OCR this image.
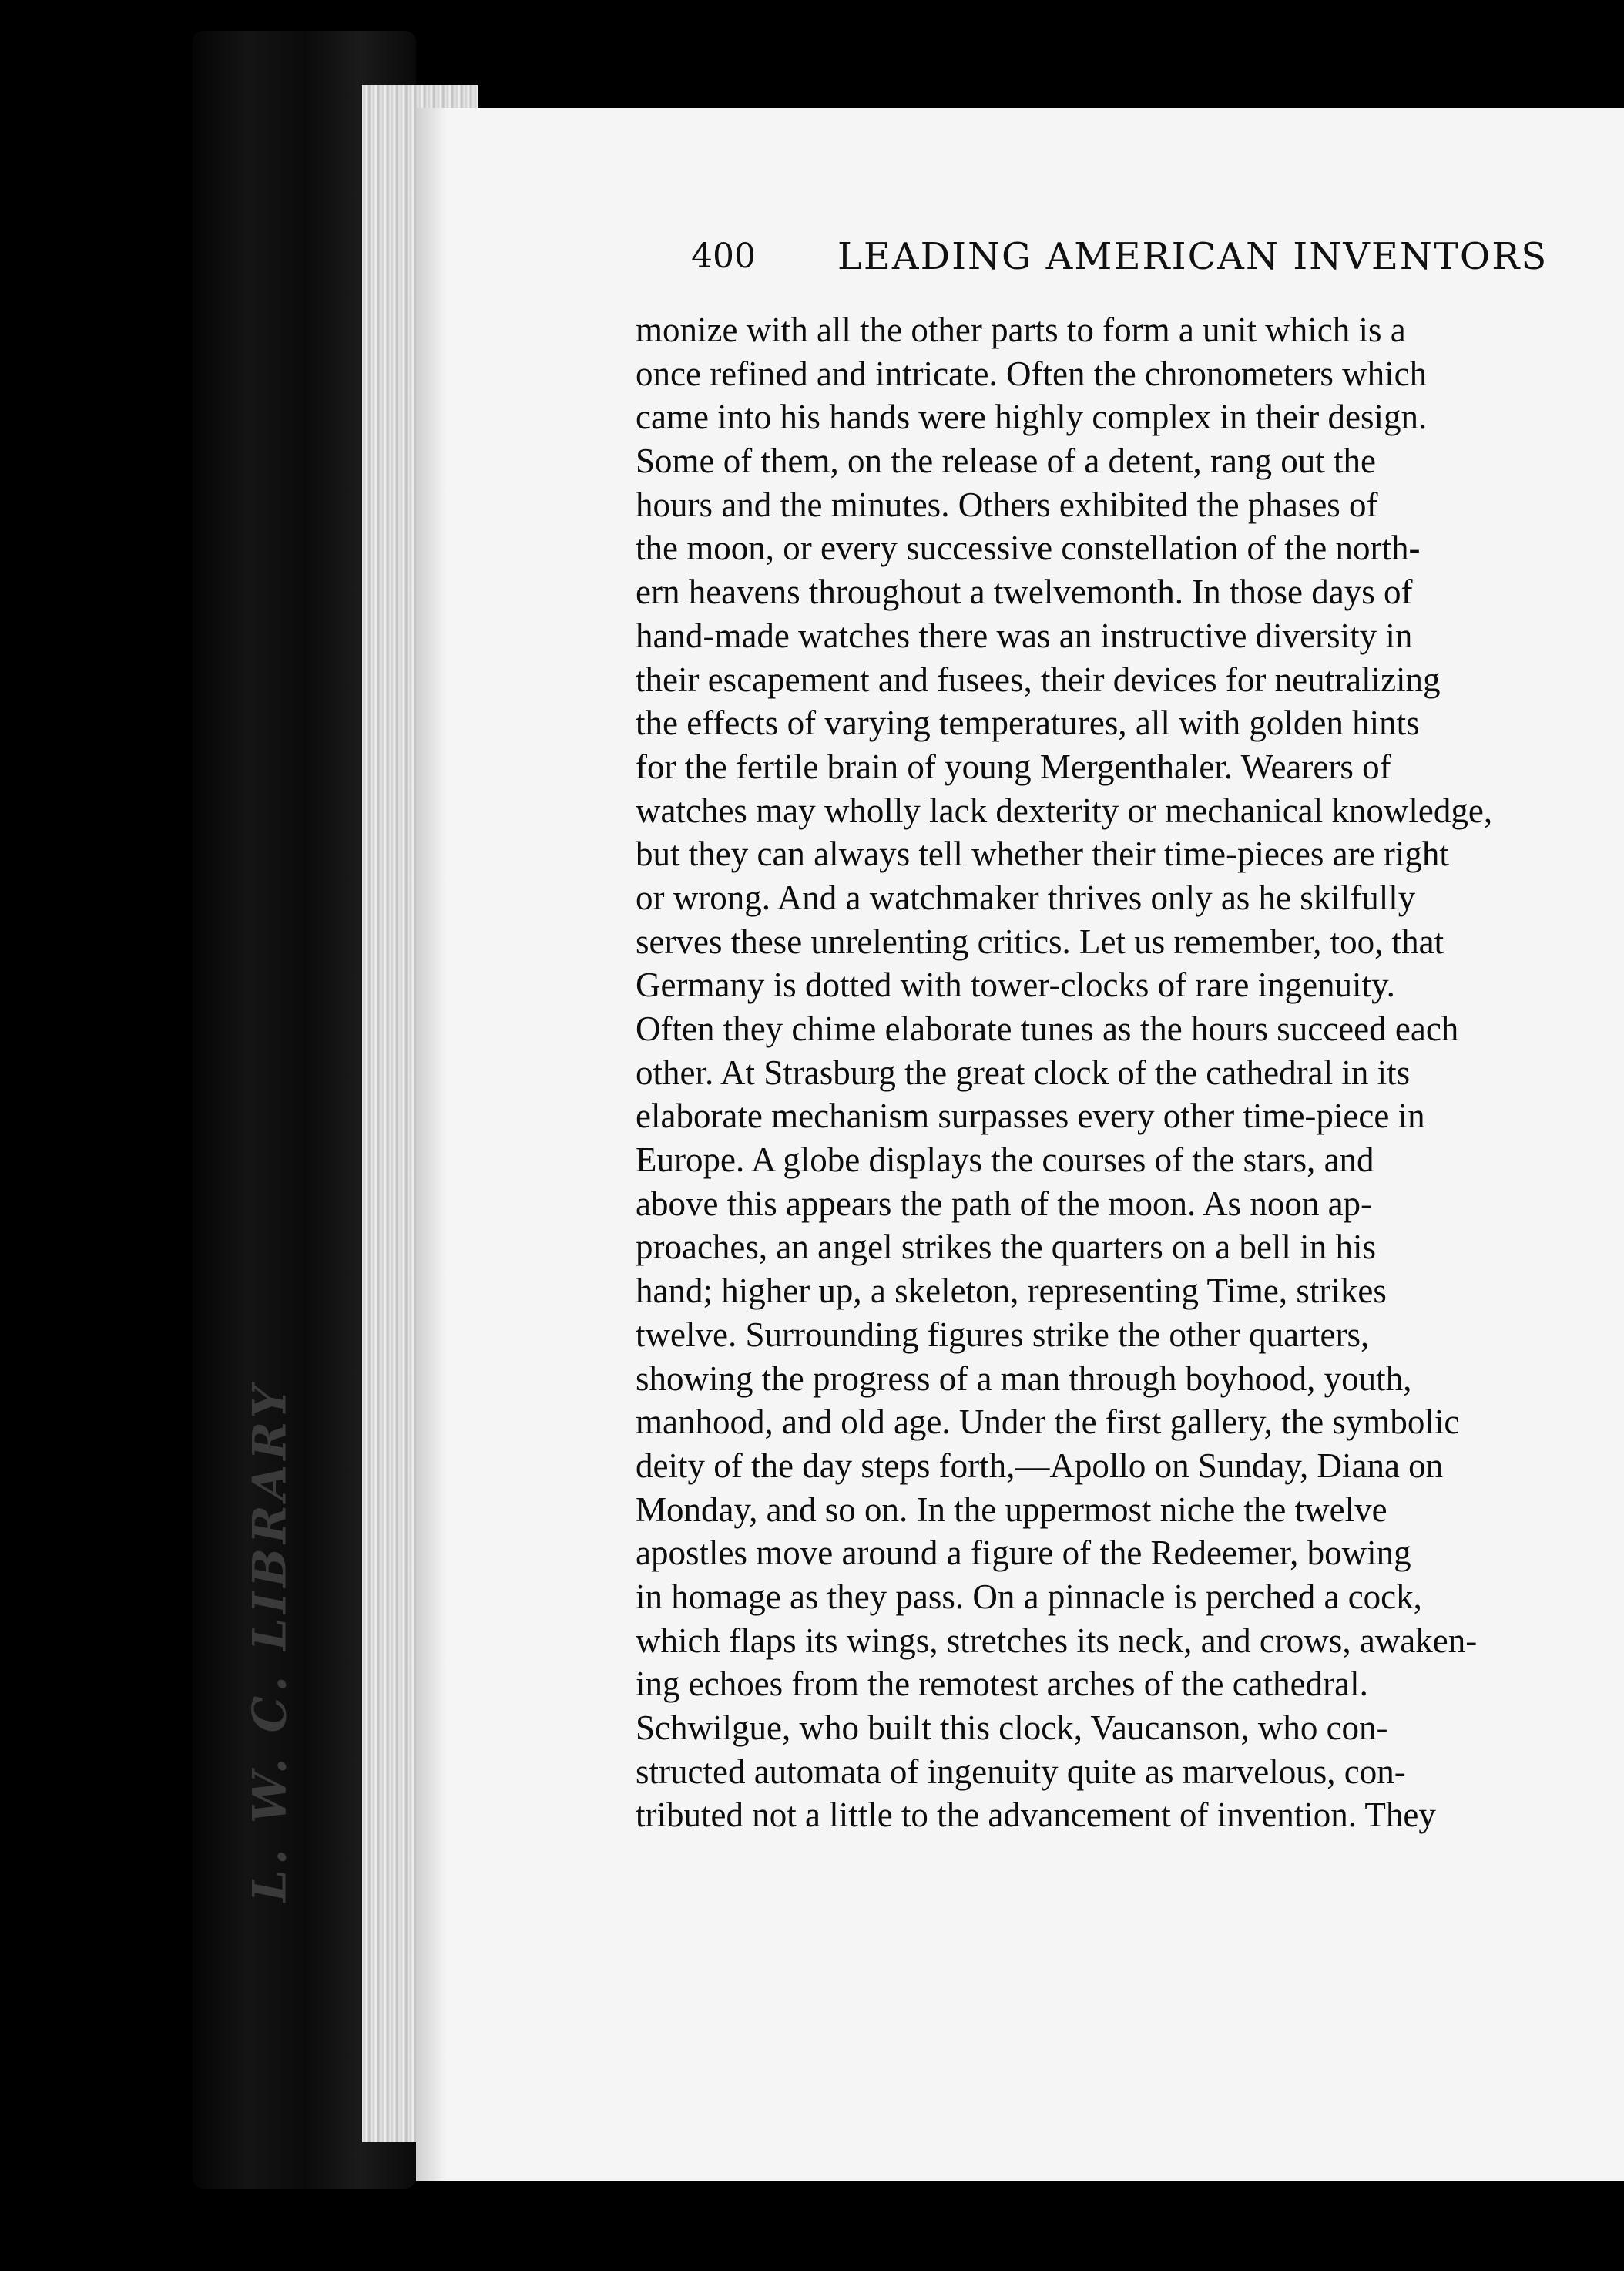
L. W. C. LIBRARY
400 LEADING AMERICAN INVENTORS
monize with all the other parts to form a unit which is a
once refined and intricate. Often the chronometers which
came into his hands were highly complex in their design.
Some of them, on the release of a detent, rang out the
hours and the minutes. Others exhibited the phases of
the moon, or every successive constellation of the north-
ern heavens throughout a twelvemonth. In those days of
hand-made watches there was an instructive diversity in
their escapement and fusees, their devices for neutralizing
the effects of varying temperatures, all with golden hints
for the fertile brain of young Mergenthaler. Wearers of
watches may wholly lack dexterity or mechanical knowledge,
but they can always tell whether their time-pieces are right
or wrong. And a watchmaker thrives only as he skilfully
serves these unrelenting critics. Let us remember, too, that
Germany is dotted with tower-clocks of rare ingenuity.
Often they chime elaborate tunes as the hours succeed each
other. At Strasburg the great clock of the cathedral in its
elaborate mechanism surpasses every other time-piece in
Europe. A globe displays the courses of the stars, and
above this appears the path of the moon. As noon ap-
proaches, an angel strikes the quarters on a bell in his
hand; higher up, a skeleton, representing Time, strikes
twelve. Surrounding figures strike the other quarters,
showing the progress of a man through boyhood, youth,
manhood, and old age. Under the first gallery, the symbolic
deity of the day steps forth,—Apollo on Sunday, Diana on
Monday, and so on. In the uppermost niche the twelve
apostles move around a figure of the Redeemer, bowing
in homage as they pass. On a pinnacle is perched a cock,
which flaps its wings, stretches its neck, and crows, awaken-
ing echoes from the remotest arches of the cathedral.
Schwilgue, who built this clock, Vaucanson, who con-
structed automata of ingenuity quite as marvelous, con-
tributed not a little to the advancement of invention. They
